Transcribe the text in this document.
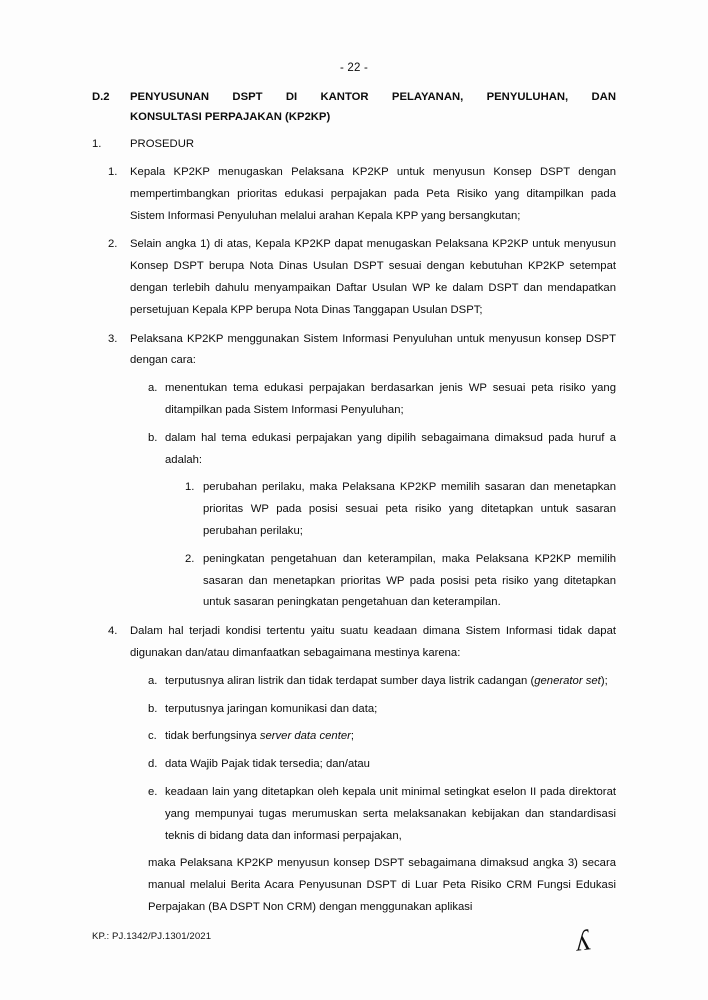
- 22 -
D.2	PENYUSUNAN DSPT DI KANTOR PELAYANAN, PENYULUHAN, DAN
KONSULTASI PERPAJAKAN (KP2KP)
1.	PROSEDUR
1.	Kepala KP2KP menugaskan Pelaksana KP2KP untuk menyusun Konsep DSPT dengan mempertimbangkan prioritas edukasi perpajakan pada Peta Risiko yang ditampilkan pada Sistem Informasi Penyuluhan melalui arahan Kepala KPP yang bersangkutan;
2.	Selain angka 1) di atas, Kepala KP2KP dapat menugaskan Pelaksana KP2KP untuk menyusun Konsep DSPT berupa Nota Dinas Usulan DSPT sesuai dengan kebutuhan KP2KP setempat dengan terlebih dahulu menyampaikan Daftar Usulan WP ke dalam DSPT dan mendapatkan persetujuan Kepala KPP berupa Nota Dinas Tanggapan Usulan DSPT;
3.	Pelaksana KP2KP menggunakan Sistem Informasi Penyuluhan untuk menyusun konsep DSPT dengan cara:
a. menentukan tema edukasi perpajakan berdasarkan jenis WP sesuai peta risiko yang ditampilkan pada Sistem Informasi Penyuluhan;
b. dalam hal tema edukasi perpajakan yang dipilih sebagaimana dimaksud pada huruf a adalah:
1. perubahan perilaku, maka Pelaksana KP2KP memilih sasaran dan menetapkan prioritas WP pada posisi sesuai peta risiko yang ditetapkan untuk sasaran perubahan perilaku;
2. peningkatan pengetahuan dan keterampilan, maka Pelaksana KP2KP memilih sasaran dan menetapkan prioritas WP pada posisi peta risiko yang ditetapkan untuk sasaran peningkatan pengetahuan dan keterampilan.
4.	Dalam hal terjadi kondisi tertentu yaitu suatu keadaan dimana Sistem Informasi tidak dapat digunakan dan/atau dimanfaatkan sebagaimana mestinya karena:
a. terputusnya aliran listrik dan tidak terdapat sumber daya listrik cadangan (generator set);
b. terputusnya jaringan komunikasi dan data;
c. tidak berfungsinya server data center;
d. data Wajib Pajak tidak tersedia; dan/atau
e. keadaan lain yang ditetapkan oleh kepala unit minimal setingkat eselon II pada direktorat yang mempunyai tugas merumuskan serta melaksanakan kebijakan dan standardisasi teknis di bidang data dan informasi perpajakan,
maka Pelaksana KP2KP menyusun konsep DSPT sebagaimana dimaksud angka 3) secara manual melalui Berita Acara Penyusunan DSPT di Luar Peta Risiko CRM Fungsi Edukasi Perpajakan (BA DSPT Non CRM) dengan menggunakan aplikasi
KP.: PJ.1342/PJ.1301/2021	ʎ
